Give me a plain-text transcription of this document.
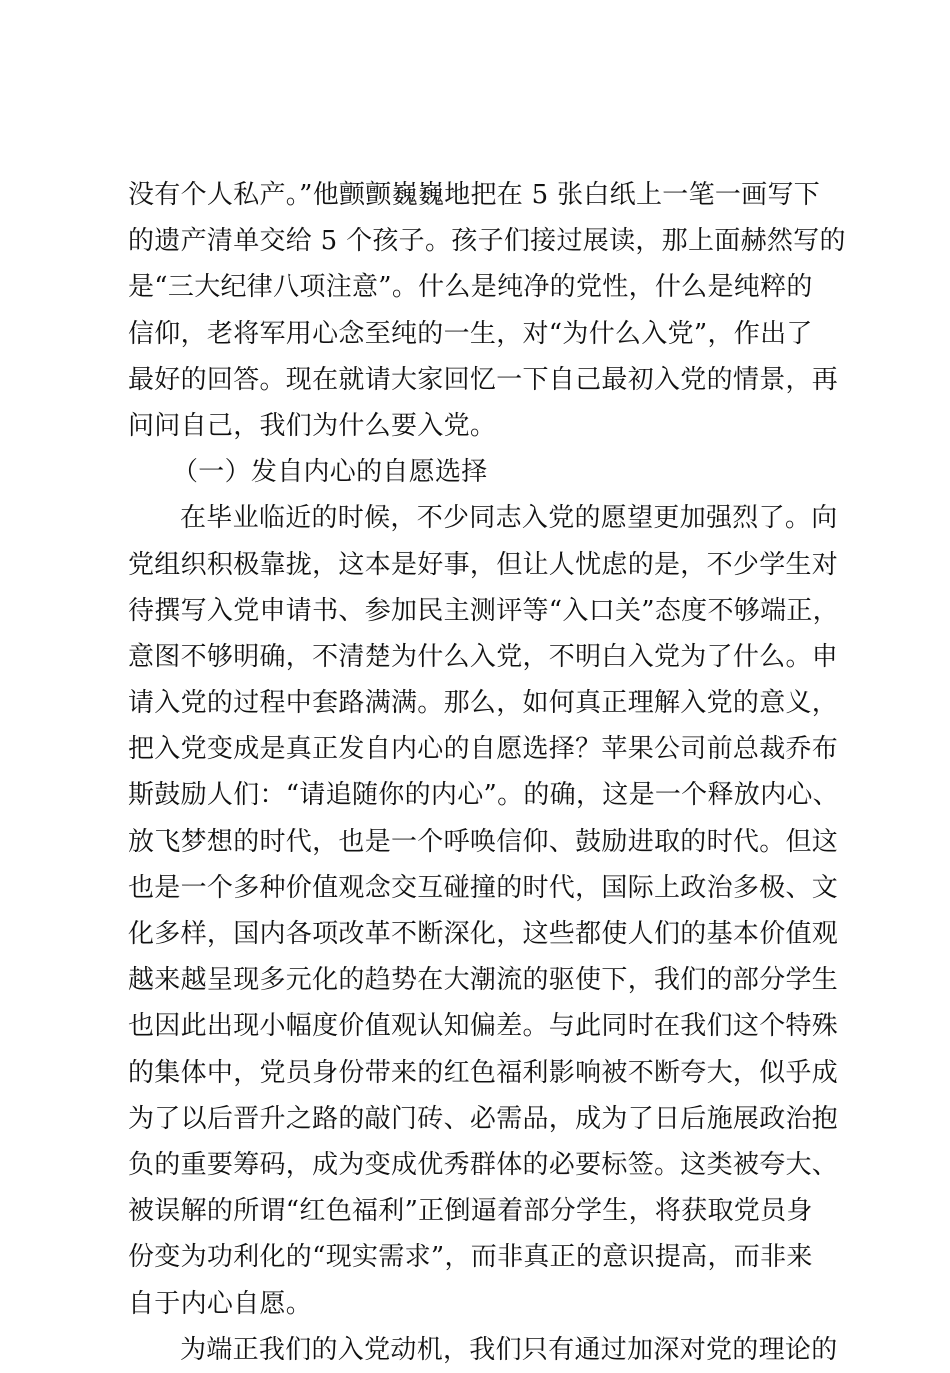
没有个人私产。”他颤颤巍巍地把在 5 张白纸上一笔一画写下
的遗产清单交给 5 个孩子。孩子们接过展读，那上面赫然写的
是“三大纪律八项注意”。什么是纯净的党性，什么是纯粹的
信仰，老将军用心念至纯的一生，对“为什么入党”，作出了
最好的回答。现在就请大家回忆一下自己最初入党的情景，再
问问自己，我们为什么要入党。
（一）发自内心的自愿选择
在毕业临近的时候，不少同志入党的愿望更加强烈了。向
党组织积极靠拢，这本是好事，但让人忧虑的是，不少学生对
待撰写入党申请书、参加民主测评等“入口关”态度不够端正，
意图不够明确，不清楚为什么入党，不明白入党为了什么。申
请入党的过程中套路满满。那么，如何真正理解入党的意义，
把入党变成是真正发自内心的自愿选择？苹果公司前总裁乔布
斯鼓励人们：“请追随你的内心”。的确，这是一个释放内心、
放飞梦想的时代，也是一个呼唤信仰、鼓励进取的时代。但这
也是一个多种价值观念交互碰撞的时代，国际上政治多极、文
化多样，国内各项改革不断深化，这些都使人们的基本价值观
越来越呈现多元化的趋势在大潮流的驱使下，我们的部分学生
也因此出现小幅度价值观认知偏差。与此同时在我们这个特殊
的集体中，党员身份带来的红色福利影响被不断夸大，似乎成
为了以后晋升之路的敲门砖、必需品，成为了日后施展政治抱
负的重要筹码，成为变成优秀群体的必要标签。这类被夸大、
被误解的所谓“红色福利”正倒逼着部分学生，将获取党员身
份变为功利化的“现实需求”，而非真正的意识提高，而非来
自于内心自愿。
为端正我们的入党动机，我们只有通过加深对党的理论的
